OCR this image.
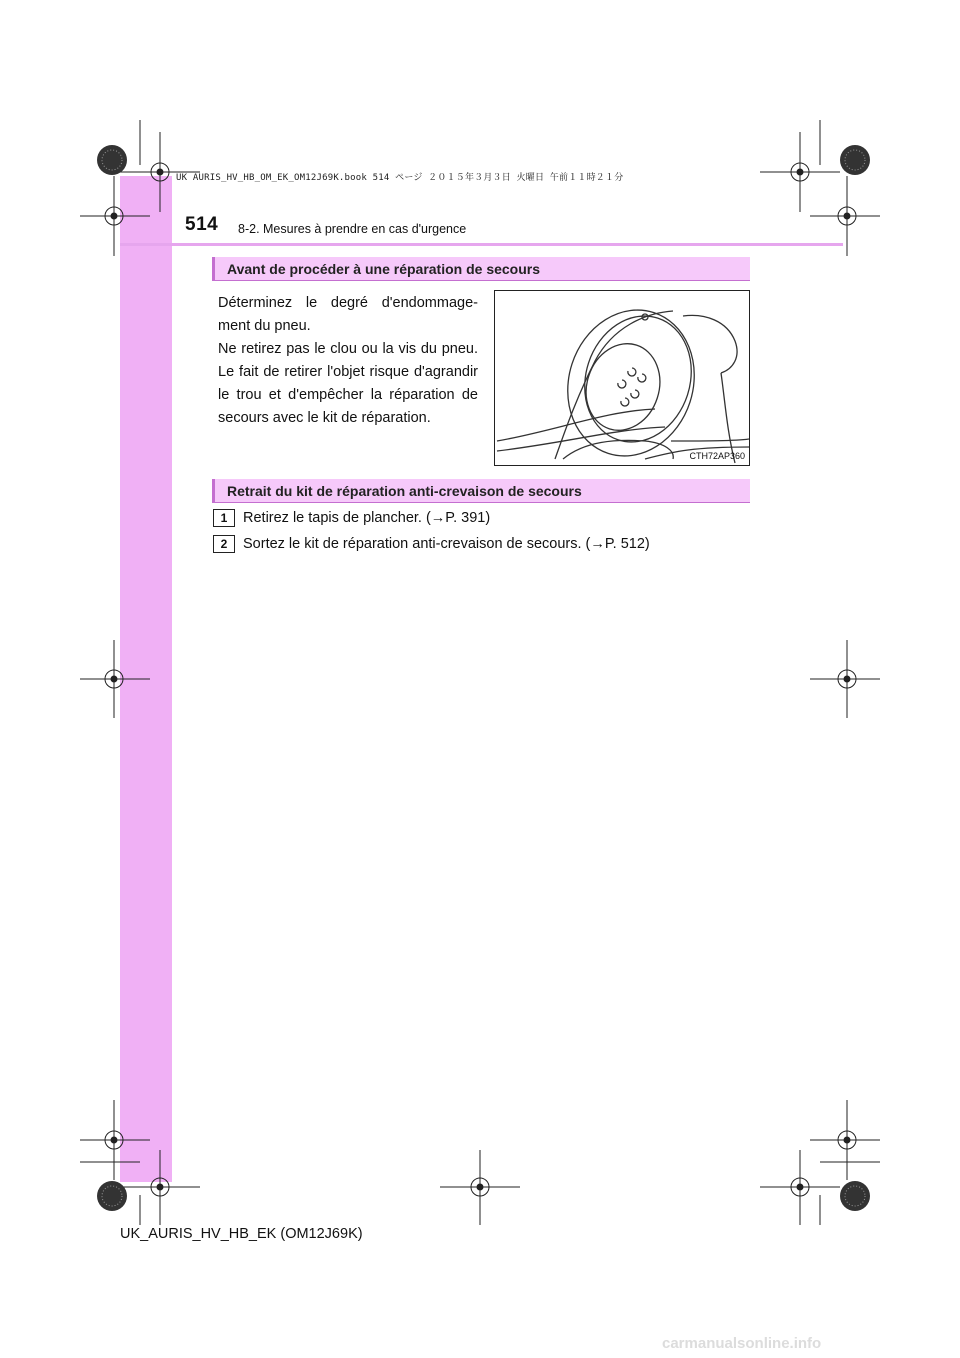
UK AURIS_HV_HB_OM_EK_OM12J69K.book 514 ページ ２０１５年３月３日 火曜日 午前１１時２１分
514 8-2. Mesures à prendre en cas d'urgence
Avant de procéder à une réparation de secours
Déterminez le degré d'endommage-ment du pneu.
Ne retirez pas le clou ou la vis du pneu. Le fait de retirer l'objet risque d'agrandir le trou et d'empêcher la réparation de secours avec le kit de réparation.
CTH72AP360
Retrait du kit de réparation anti-crevaison de secours
1	Retirez le tapis de plancher. (→P. 391)
2	Sortez le kit de réparation anti-crevaison de secours. (→P. 512)
UK_AURIS_HV_HB_EK (OM12J69K)
carmanualsonline.info
